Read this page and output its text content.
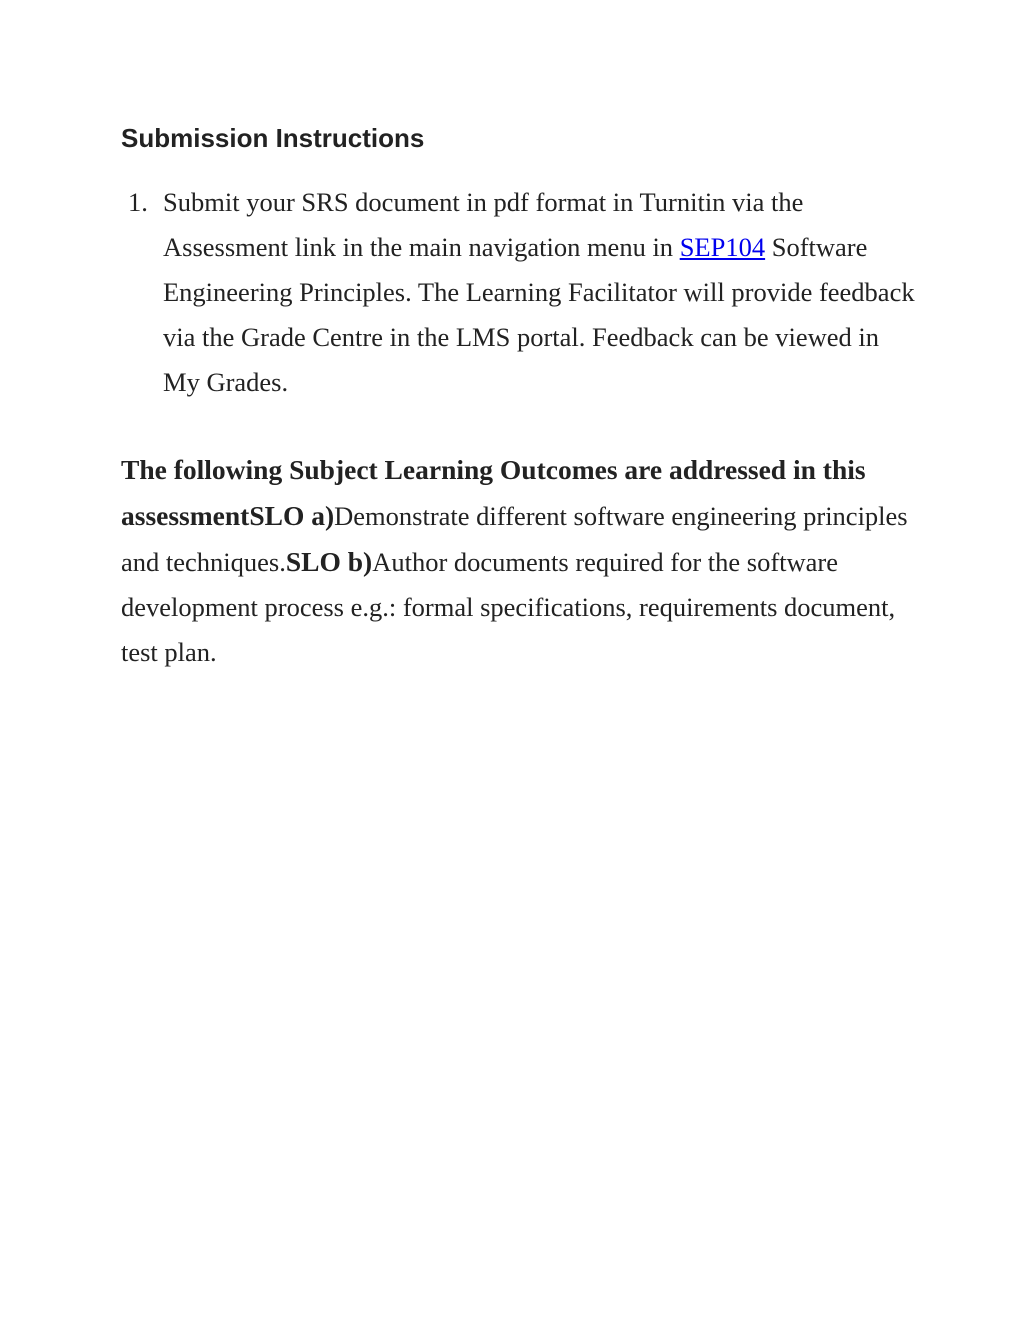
Submission Instructions
1. Submit your SRS document in pdf format in Turnitin via the Assessment link in the main navigation menu in SEP104 Software Engineering Principles. The Learning Facilitator will provide feedback via the Grade Centre in the LMS portal. Feedback can be viewed in My Grades.

The following Subject Learning Outcomes are addressed in this assessmentSLO a)Demonstrate different software engineering principles and techniques.SLO b)Author documents required for the software development process e.g.: formal specifications, requirements document, test plan.
